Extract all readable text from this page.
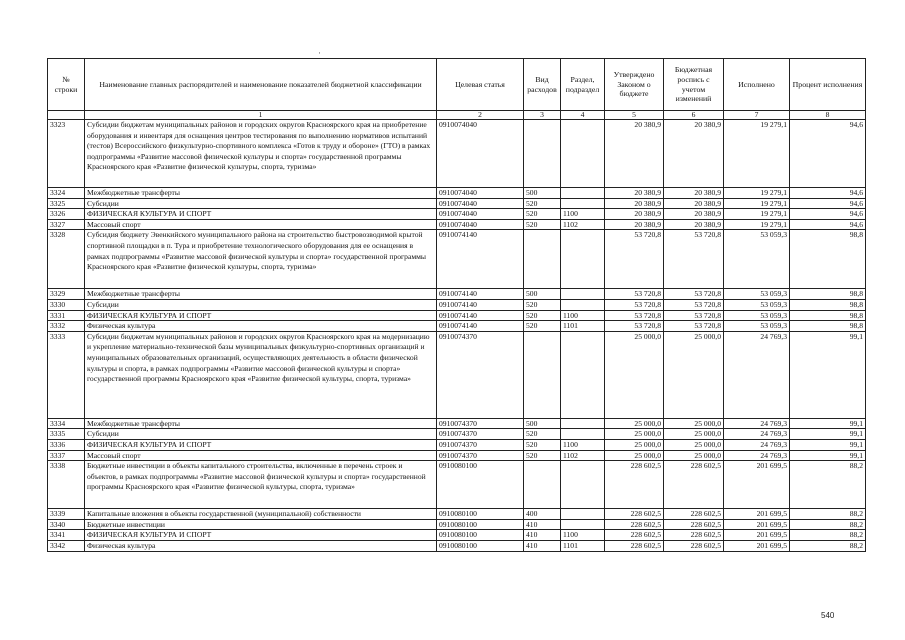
·
№ строки	Наименование главных распорядителей и наименование показателей бюджетной классификации	Целевая статья	Вид расходов	Раздел, подраздел	Утверждено Законом о бюджете	Бюджетная роспись с учетом изменений	Исполнено	Процент исполнения
	1	2	3	4	5	6	7	8
3323	Субсидии бюджетам муниципальных районов и городских округов Красноярского края на приобретение оборудования и инвентаря для оснащения центров тестирования по выполнению нормативов испытаний (тестов) Всероссийского физкультурно-спортивного комплекса «Готов к труду и обороне» (ГТО) в рамках подпрограммы «Развитие массовой физической культуры и спорта» государственной программы Красноярского края «Развитие физической культуры, спорта, туризма»	0910074040			20 380,9	20 380,9	19 279,1	94,6
3324	Межбюджетные трансферты	0910074040	500		20 380,9	20 380,9	19 279,1	94,6
3325	Субсидии	0910074040	520		20 380,9	20 380,9	19 279,1	94,6
3326	ФИЗИЧЕСКАЯ КУЛЬТУРА И СПОРТ	0910074040	520	1100	20 380,9	20 380,9	19 279,1	94,6
3327	Массовый спорт	0910074040	520	1102	20 380,9	20 380,9	19 279,1	94,6
3328	Субсидия бюджету Эвенкийского муниципального района на строительство быстровозводимой крытой спортивной площадки в п. Тура и приобретение технологического оборудования для ее оснащения в рамках подпрограммы «Развитие массовой физической культуры и спорта» государственной программы Красноярского края «Развитие физической культуры, спорта, туризма»	0910074140			53 720,8	53 720,8	53 059,3	98,8
3329	Межбюджетные трансферты	0910074140	500		53 720,8	53 720,8	53 059,3	98,8
3330	Субсидии	0910074140	520		53 720,8	53 720,8	53 059,3	98,8
3331	ФИЗИЧЕСКАЯ КУЛЬТУРА И СПОРТ	0910074140	520	1100	53 720,8	53 720,8	53 059,3	98,8
3332	Физическая культура	0910074140	520	1101	53 720,8	53 720,8	53 059,3	98,8
3333	Субсидии бюджетам муниципальных районов и городских округов Красноярского края на модернизацию и укрепление материально-технической базы муниципальных физкультурно-спортивных организаций и муниципальных образовательных организаций, осуществляющих деятельность в области физической культуры и спорта, в рамках подпрограммы «Развитие массовой физической культуры и спорта» государственной программы Красноярского края «Развитие физической культуры, спорта, туризма»	0910074370			25 000,0	25 000,0	24 769,3	99,1
3334	Межбюджетные трансферты	0910074370	500		25 000,0	25 000,0	24 769,3	99,1
3335	Субсидии	0910074370	520		25 000,0	25 000,0	24 769,3	99,1
3336	ФИЗИЧЕСКАЯ КУЛЬТУРА И СПОРТ	0910074370	520	1100	25 000,0	25 000,0	24 769,3	99,1
3337	Массовый спорт	0910074370	520	1102	25 000,0	25 000,0	24 769,3	99,1
3338	Бюджетные инвестиции в объекты капитального строительства, включенные в перечень строек и объектов, в рамках подпрограммы «Развитие массовой физической культуры и спорта» государственной программы Красноярского края «Развитие физической культуры, спорта, туризма»	0910080100			228 602,5	228 602,5	201 699,5	88,2
3339	Капитальные вложения в объекты государственной (муниципальной) собственности	0910080100	400		228 602,5	228 602,5	201 699,5	88,2
3340	Бюджетные инвестиции	0910080100	410		228 602,5	228 602,5	201 699,5	88,2
3341	ФИЗИЧЕСКАЯ КУЛЬТУРА И СПОРТ	0910080100	410	1100	228 602,5	228 602,5	201 699,5	88,2
3342	Физическая культура	0910080100	410	1101	228 602,5	228 602,5	201 699,5	88,2
540
